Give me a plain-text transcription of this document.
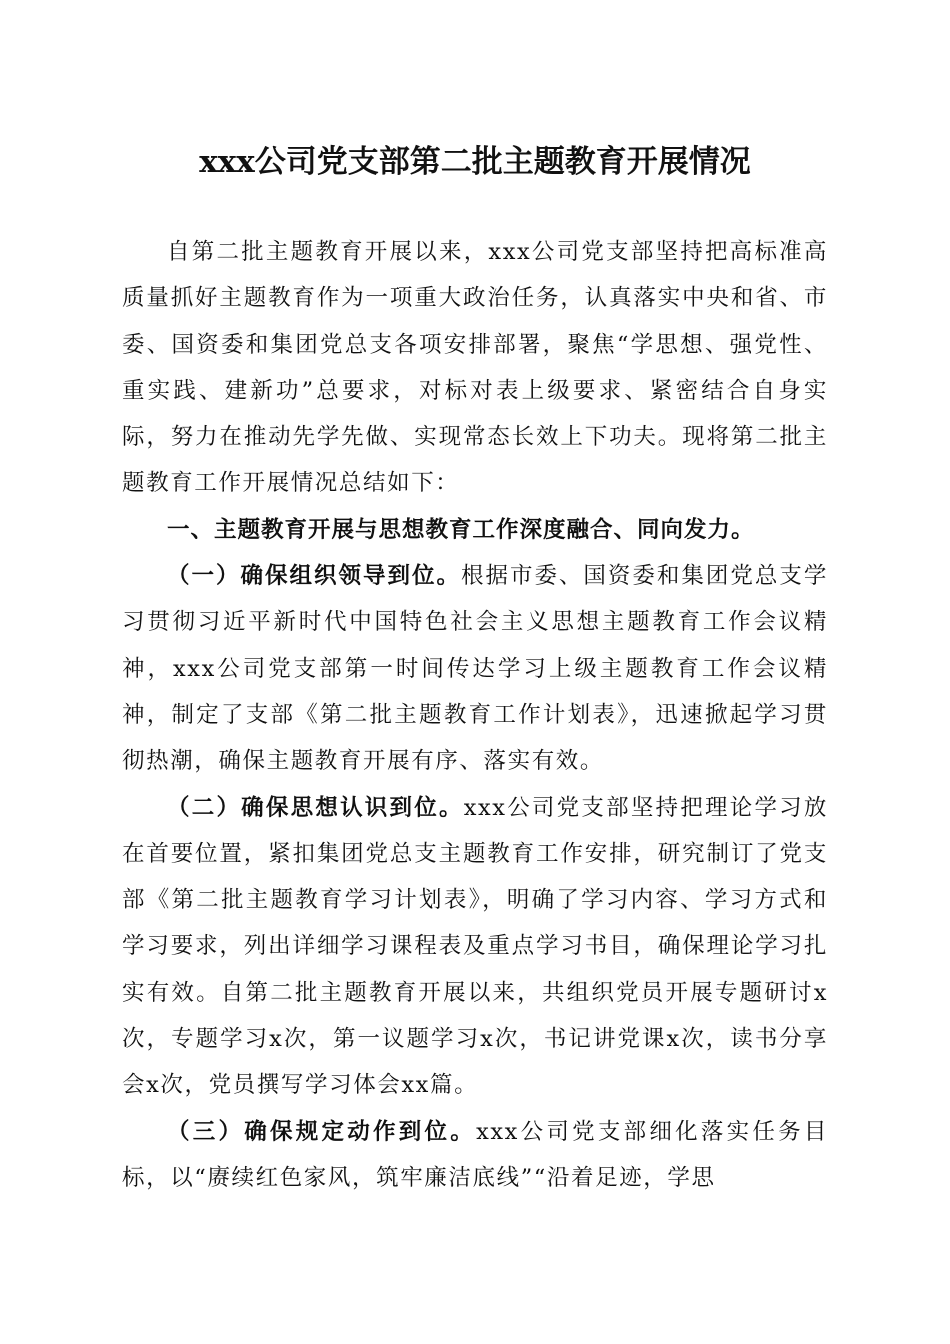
xxx公司党支部第二批主题教育开展情况

自第二批主题教育开展以来，xxx公司党支部坚持把高标准高质量抓好主题教育作为一项重大政治任务，认真落实中央和省、市委、国资委和集团党总支各项安排部署，聚焦“学思想、强党性、重实践、建新功”总要求，对标对表上级要求、紧密结合自身实际，努力在推动先学先做、实现常态长效上下功夫。现将第二批主题教育工作开展情况总结如下：

一、主题教育开展与思想教育工作深度融合、同向发力。

（一）确保组织领导到位。根据市委、国资委和集团党总支学习贯彻习近平新时代中国特色社会主义思想主题教育工作会议精神，xxx公司党支部第一时间传达学习上级主题教育工作会议精神，制定了支部《第二批主题教育工作计划表》，迅速掀起学习贯彻热潮，确保主题教育开展有序、落实有效。

（二）确保思想认识到位。xxx公司党支部坚持把理论学习放在首要位置，紧扣集团党总支主题教育工作安排，研究制订了党支部《第二批主题教育学习计划表》，明确了学习内容、学习方式和学习要求，列出详细学习课程表及重点学习书目，确保理论学习扎实有效。自第二批主题教育开展以来，共组织党员开展专题研讨x次，专题学习x次，第一议题学习x次，书记讲党课x次，读书分享会x次，党员撰写学习体会xx篇。

（三）确保规定动作到位。xxx公司党支部细化落实任务目标，以“赓续红色家风，筑牢廉洁底线”“沿着足迹，学思
